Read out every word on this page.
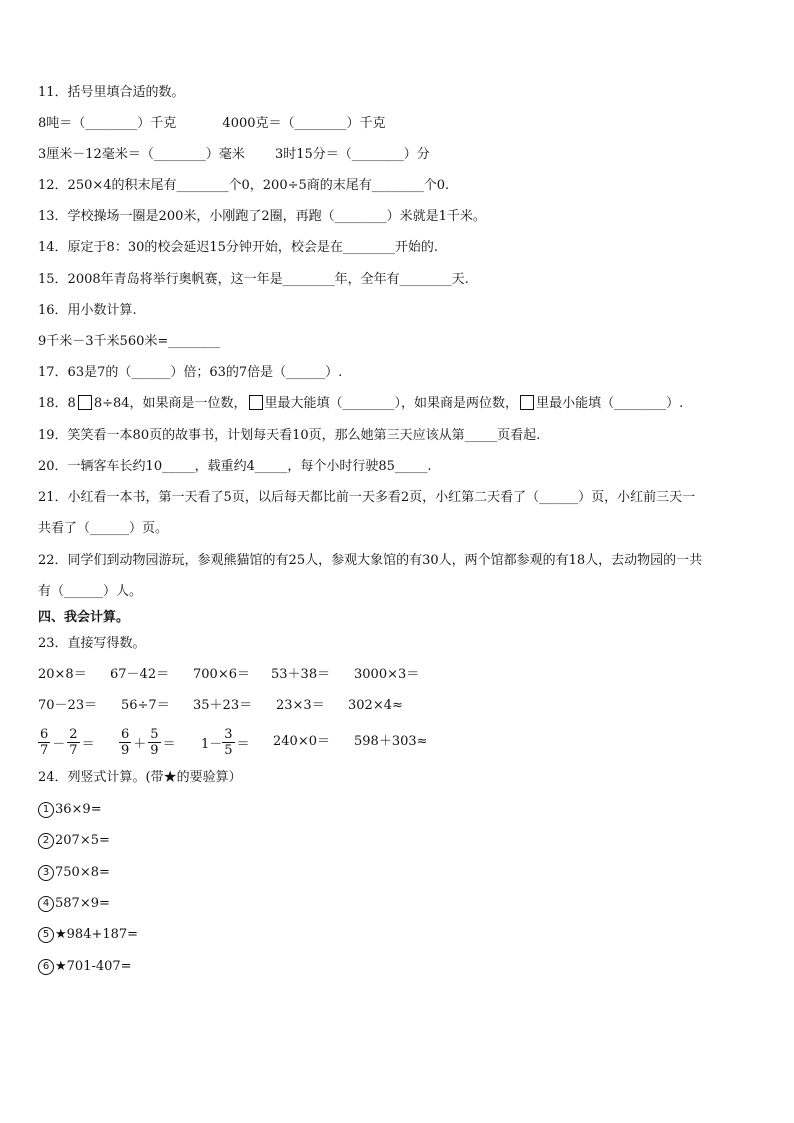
11．括号里填合适的数。
8吨＝（________）千克	4000克＝（________）千克
3厘米－12毫米＝（________）毫米 3时15分＝（________）分
12．250×4的积末尾有________个0，200÷5商的末尾有________个0.
13．学校操场一圈是200米，小刚跑了2圈，再跑（________）米就是1千米。
14．原定于8：30的校会延迟15分钟开始，校会是在________开始的.
15．2008年青岛将举行奥帆赛，这一年是________年，全年有________天.
16．用小数计算.
9千米－3千米560米=________
17．63是7的（______）倍；63的7倍是（______）.
18．8 8÷84，如果商是一位数， 里最大能填（________），如果商是两位数， 里最小能填（________）.
19．笑笑看一本80页的故事书，计划每天看10页，那么她第三天应该从第_____页看起.
20．一辆客车长约10_____，载重约4_____，每个小时行驶85_____.
21．小红看一本书，第一天看了5页，以后每天都比前一天多看2页，小红第二天看了（______）页，小红前三天一
共看了（______）页。
22．同学们到动物园游玩，参观熊猫馆的有25人，参观大象馆的有30人，两个馆都参观的有18人，去动物园的一共
有（______）人。
四、我会计算。
23．直接写得数。
20×8＝ 67－42＝ 700×6＝ 53＋38＝ 3000×3＝
70－23＝ 56÷7＝ 35＋23＝ 23×3＝ 302×4≈
$\frac{6}{7} - \frac{2}{7} = \frac{6}{9} + \frac{5}{9} = 1- \frac{3}{5} = 240\times 0= 598+303\approx$
24．列竖式计算。(带★的要验算）
1 36×9=
2 207×5=
3 750×8=
4 587×9=
5 ★984+187=
6 ★701-407=
